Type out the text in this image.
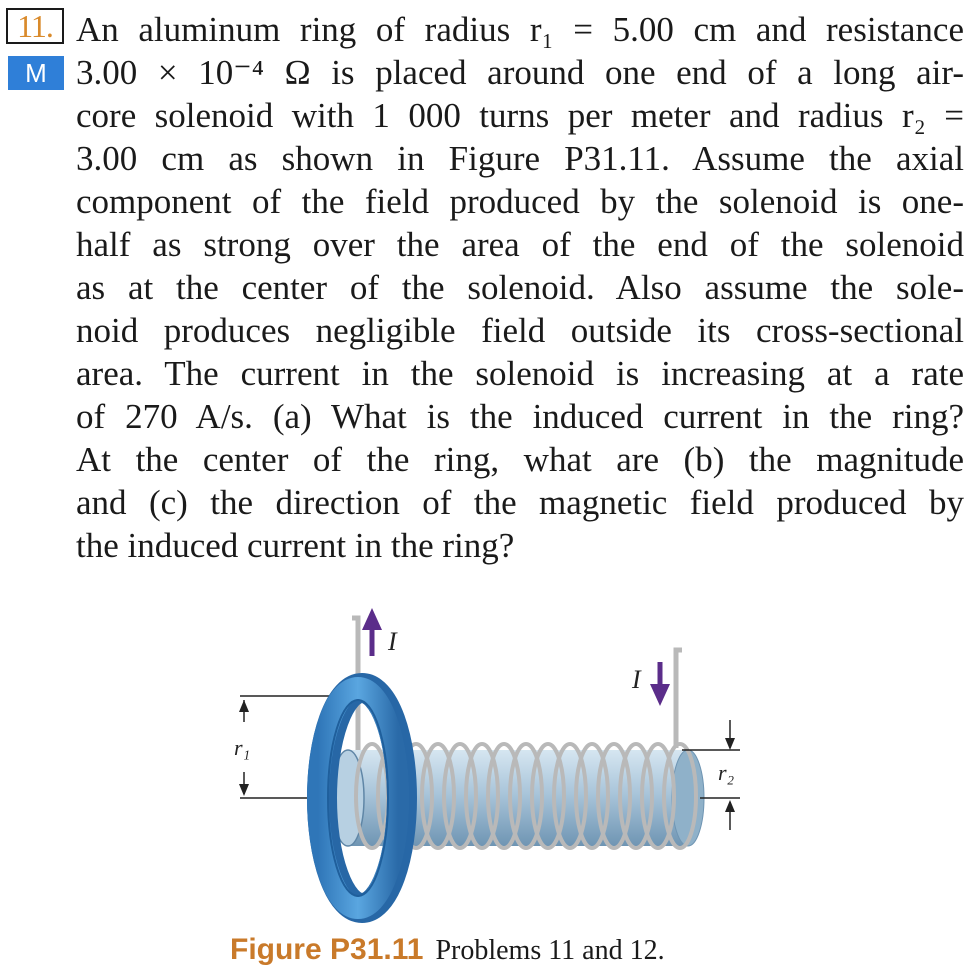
11.
M
An aluminum ring of radius r₁ = 5.00 cm and resistance
3.00 × 10⁻⁴ Ω is placed around one end of a long air-
core solenoid with 1 000 turns per meter and radius r₂ =
3.00 cm as shown in Figure P31.11. Assume the axial
component of the field produced by the solenoid is one-
half as strong over the area of the end of the solenoid
as at the center of the solenoid. Also assume the sole-
noid produces negligible field outside its cross-sectional
area. The current in the solenoid is increasing at a rate
of 270 A/s. (a) What is the induced current in the ring?
At the center of the ring, what are (b) the magnitude
and (c) the direction of the magnetic field produced by
the induced current in the ring?
r₁
I
I
r₂
Figure P31.11 Problems 11 and 12.
